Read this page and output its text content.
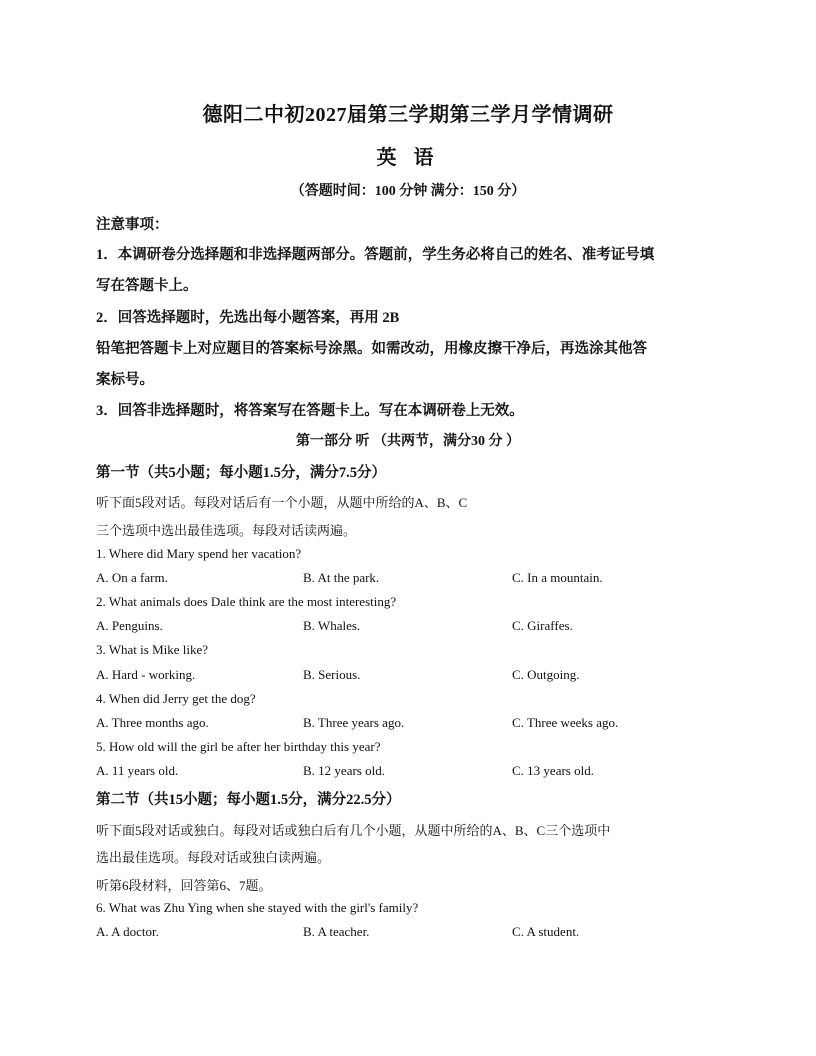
德阳二中初2027届第三学期第三学月学情调研
英 语
（答题时间：100 分钟 满分：150 分）
注意事项：
1．本调研卷分选择题和非选择题两部分。答题前，学生务必将自己的姓名、准考证号填
写在答题卡上。
2．回答选择题时，先选出每小题答案，再用 2B
铅笔把答题卡上对应题目的答案标号涂黑。如需改动，用橡皮擦干净后，再选涂其他答
案标号。
3．回答非选择题时，将答案写在答题卡上。写在本调研卷上无效。
第一部分 听 （共两节，满分30 分 ）
第一节（共5小题；每小题1.5分，满分7.5分）
听下面5段对话。每段对话后有一个小题，从题中所给的A、B、C
三个选项中选出最佳选项。每段对话读两遍。
1. Where did Mary spend her vacation?
A. On a farm.	B. At the park.	C. In a mountain.
2. What animals does Dale think are the most interesting?
A. Penguins.	B. Whales.	C. Giraffes.
3. What is Mike like?
A. Hard - working.	B. Serious.	C. Outgoing.
4. When did Jerry get the dog?
A. Three months ago.	B. Three years ago.	C. Three weeks ago.
5. How old will the girl be after her birthday this year?
A. 11 years old.	B. 12 years old.	C. 13 years old.
第二节（共15小题；每小题1.5分，满分22.5分）
听下面5段对话或独白。每段对话或独白后有几个小题，从题中所给的A、B、C三个选项中
选出最佳选项。每段对话或独白读两遍。
听第6段材料，回答第6、7题。
6. What was Zhu Ying when she stayed with the girl's family?
A. A doctor.	B. A teacher.	C. A student.
